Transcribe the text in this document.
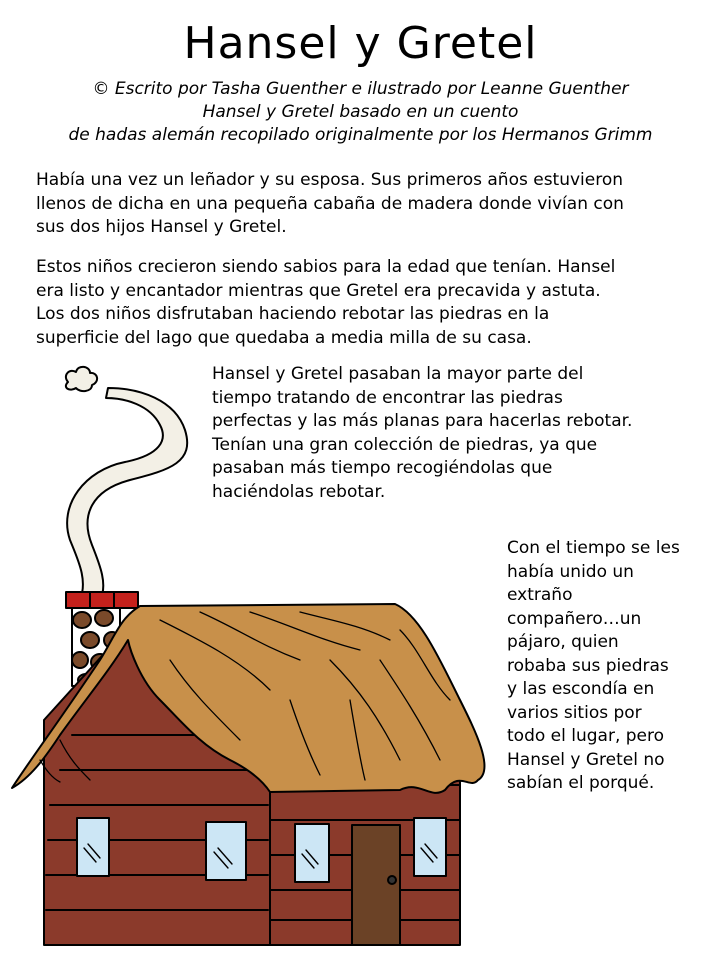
Hansel y Gretel
© Escrito por Tasha Guenther e ilustrado por Leanne Guenther
Hansel y Gretel basado en un cuento
de hadas alemán recopilado originalmente por los Hermanos Grimm
Había una vez un leñador y su esposa. Sus primeros años estuvieron
llenos de dicha en una pequeña cabaña de madera donde vivían con
sus dos hijos Hansel y Gretel.
Estos niños crecieron siendo sabios para la edad que tenían. Hansel
era listo y encantador mientras que Gretel era precavida y astuta.
Los dos niños disfrutaban haciendo rebotar las piedras en la
superficie del lago que quedaba a media milla de su casa.
Hansel y Gretel pasaban la mayor parte del
tiempo tratando de encontrar las piedras
perfectas y las más planas para hacerlas rebotar.
Tenían una gran colección de piedras, ya que
pasaban más tiempo recogiéndolas que
haciéndolas rebotar.
Con el tiempo se les
había unido un
extraño
compañero…un
pájaro, quien
robaba sus piedras
y las escondía en
varios sitios por
todo el lugar, pero
Hansel y Gretel no
sabían el porqué.
